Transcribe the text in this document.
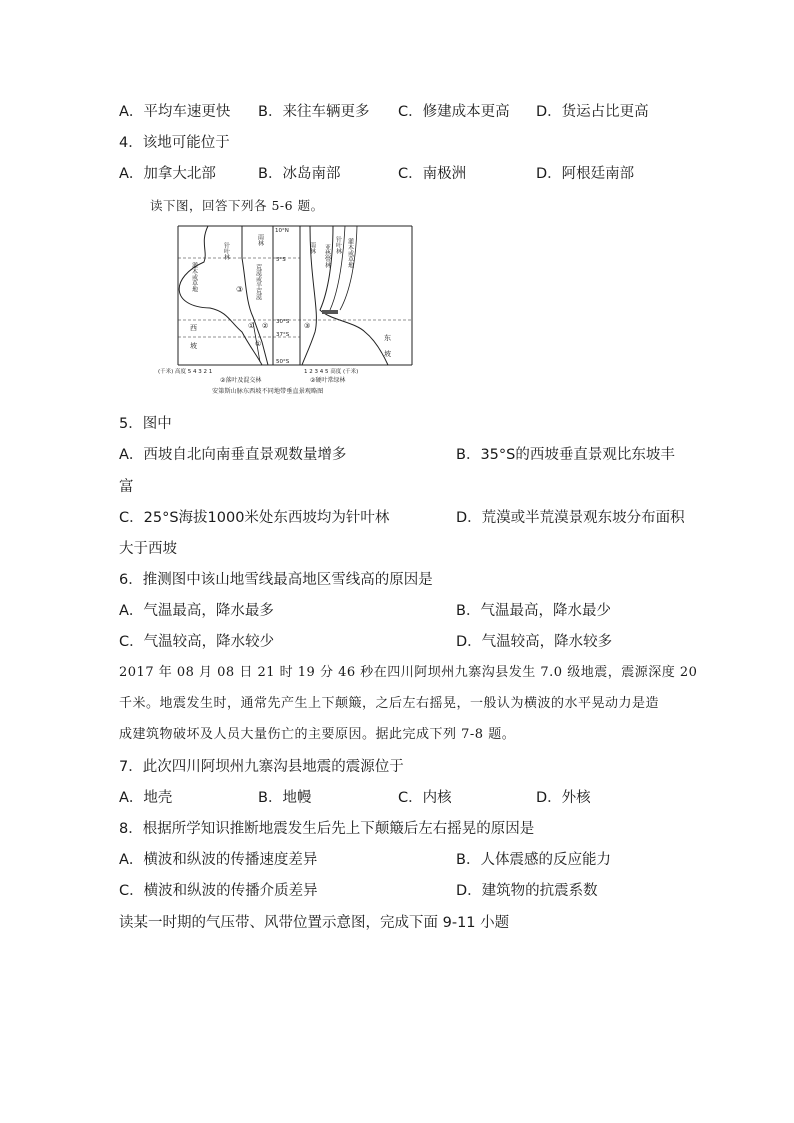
A．平均车速更快 B．来往车辆更多 C．修建成本更高 D．货运占比更高
4．该地可能位于
A．加拿大北部	B．冰岛南部	C．南极洲	D．阿根廷南部
读下图，回答下列各 5-6 题。
针叶林
雨林
灌木或草地	荒漠或半荒漠
雨林 亚热带林 针叶林 灌木或草地
③
① ②
①
③
10°N
5°S
30°S
37°S
50°S
西
坡
东
坡
(千米) 高度 5 4 3 2 1	1 2 3 4 5 高度 (千米)
②落叶及混交林	②硬叶常绿林
安第斯山脉东西坡不同地带垂直景观略图
5．图中
A．西坡自北向南垂直景观数量增多	B．35°S的西坡垂直景观比东坡丰
富
C．25°S海拔1000米处东西坡均为针叶林	D．荒漠或半荒漠景观东坡分布面积
大于西坡
6．推测图中该山地雪线最高地区雪线高的原因是
A．气温最高，降水最多	B．气温最高，降水最少
C．气温较高，降水较少	D．气温较高，降水较多
2017 年 08 月 08 日 21 时 19 分 46 秒在四川阿坝州九寨沟县发生 7.0 级地震，震源深度 20
千米。地震发生时，通常先产生上下颠簸，之后左右摇晃，一般认为横波的水平晃动力是造
成建筑物破坏及人员大量伤亡的主要原因。据此完成下列 7-8 题。
7．此次四川阿坝州九寨沟县地震的震源位于
A．地壳	B．地幔	C．内核	D．外核
8．根据所学知识推断地震发生后先上下颠簸后左右摇晃的原因是
A．横波和纵波的传播速度差异	B．人体震感的反应能力
C．横波和纵波的传播介质差异	D．建筑物的抗震系数
读某一时期的气压带、风带位置示意图，完成下面 9-11 小题
